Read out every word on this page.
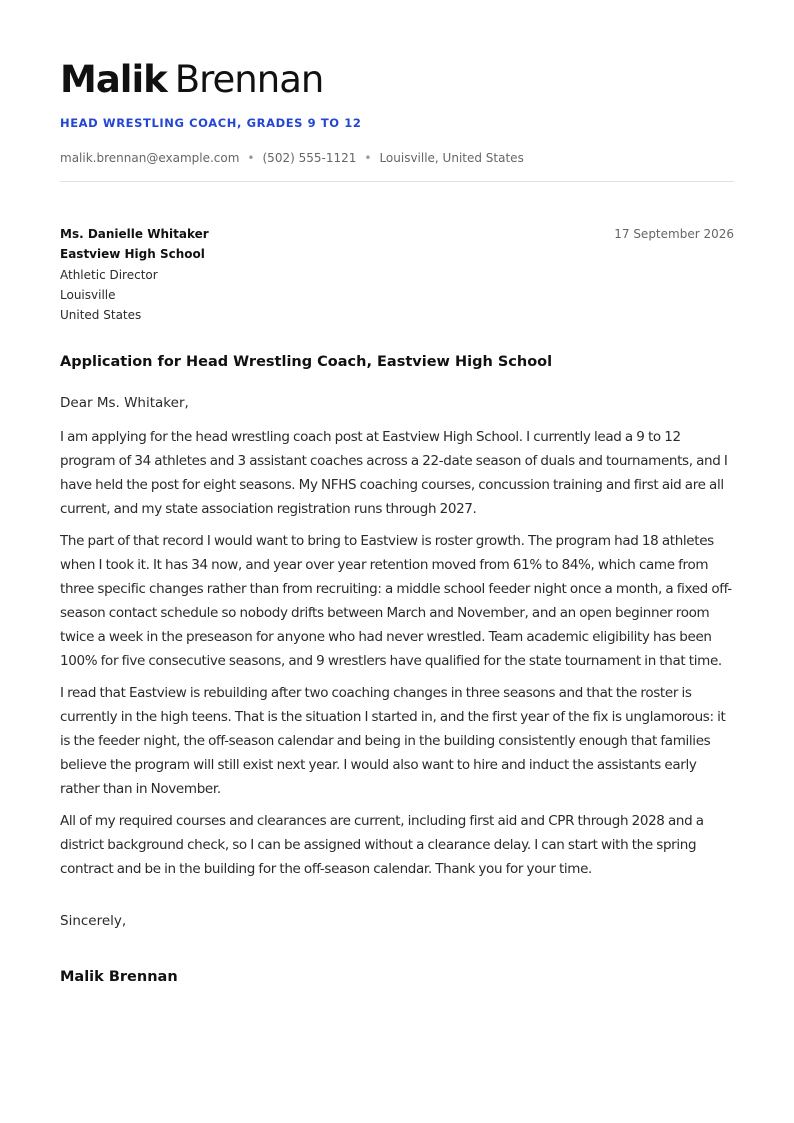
Malik Brennan
HEAD WRESTLING COACH, GRADES 9 TO 12
malik.brennan@example.com • (502) 555-1121 • Louisville, United States
Ms. Danielle Whitaker
Eastview High School
Athletic Director
Louisville
United States
17 September 2026
Application for Head Wrestling Coach, Eastview High School
Dear Ms. Whitaker,

I am applying for the head wrestling coach post at Eastview High School. I currently lead a 9 to 12 program of 34 athletes and 3 assistant coaches across a 22-date season of duals and tournaments, and I have held the post for eight seasons. My NFHS coaching courses, concussion training and first aid are all current, and my state association registration runs through 2027.

The part of that record I would want to bring to Eastview is roster growth. The program had 18 athletes when I took it. It has 34 now, and year over year retention moved from 61% to 84%, which came from three specific changes rather than from recruiting: a middle school feeder night once a month, a fixed off-season contact schedule so nobody drifts between March and November, and an open beginner room twice a week in the preseason for anyone who had never wrestled. Team academic eligibility has been 100% for five consecutive seasons, and 9 wrestlers have qualified for the state tournament in that time.

I read that Eastview is rebuilding after two coaching changes in three seasons and that the roster is currently in the high teens. That is the situation I started in, and the first year of the fix is unglamorous: it is the feeder night, the off-season calendar and being in the building consistently enough that families believe the program will still exist next year. I would also want to hire and induct the assistants early rather than in November.

All of my required courses and clearances are current, including first aid and CPR through 2028 and a district background check, so I can be assigned without a clearance delay. I can start with the spring contract and be in the building for the off-season calendar. Thank you for your time.

Sincerely,
Malik Brennan
